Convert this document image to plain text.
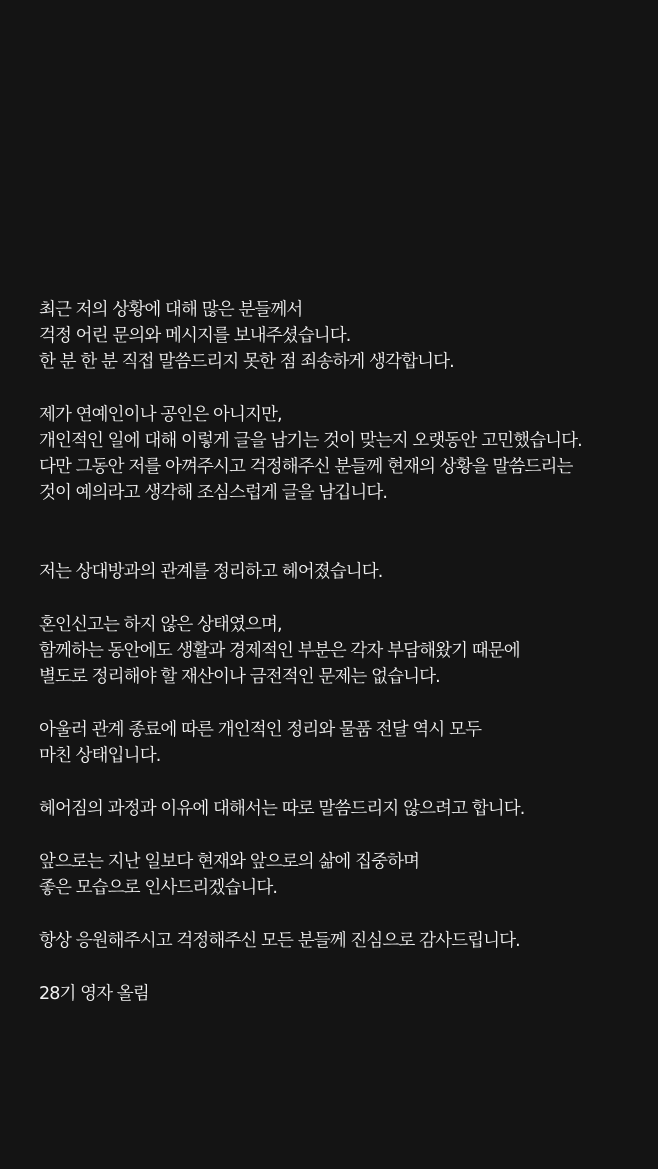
최근 저의 상황에 대해 많은 분들께서
걱정 어린 문의와 메시지를 보내주셨습니다.
한 분 한 분 직접 말씀드리지 못한 점 죄송하게 생각합니다.

제가 연예인이나 공인은 아니지만,
개인적인 일에 대해 이렇게 글을 남기는 것이 맞는지 오랫동안 고민했습니다.
다만 그동안 저를 아껴주시고 걱정해주신 분들께 현재의 상황을 말씀드리는
것이 예의라고 생각해 조심스럽게 글을 남깁니다.

저는 상대방과의 관계를 정리하고 헤어졌습니다.

혼인신고는 하지 않은 상태였으며,
함께하는 동안에도 생활과 경제적인 부분은 각자 부담해왔기 때문에
별도로 정리해야 할 재산이나 금전적인 문제는 없습니다.

아울러 관계 종료에 따른 개인적인 정리와 물품 전달 역시 모두
마친 상태입니다.

헤어짐의 과정과 이유에 대해서는 따로 말씀드리지 않으려고 합니다.

앞으로는 지난 일보다 현재와 앞으로의 삶에 집중하며
좋은 모습으로 인사드리겠습니다.

항상 응원해주시고 걱정해주신 모든 분들께 진심으로 감사드립니다.

28기 영자 올림
